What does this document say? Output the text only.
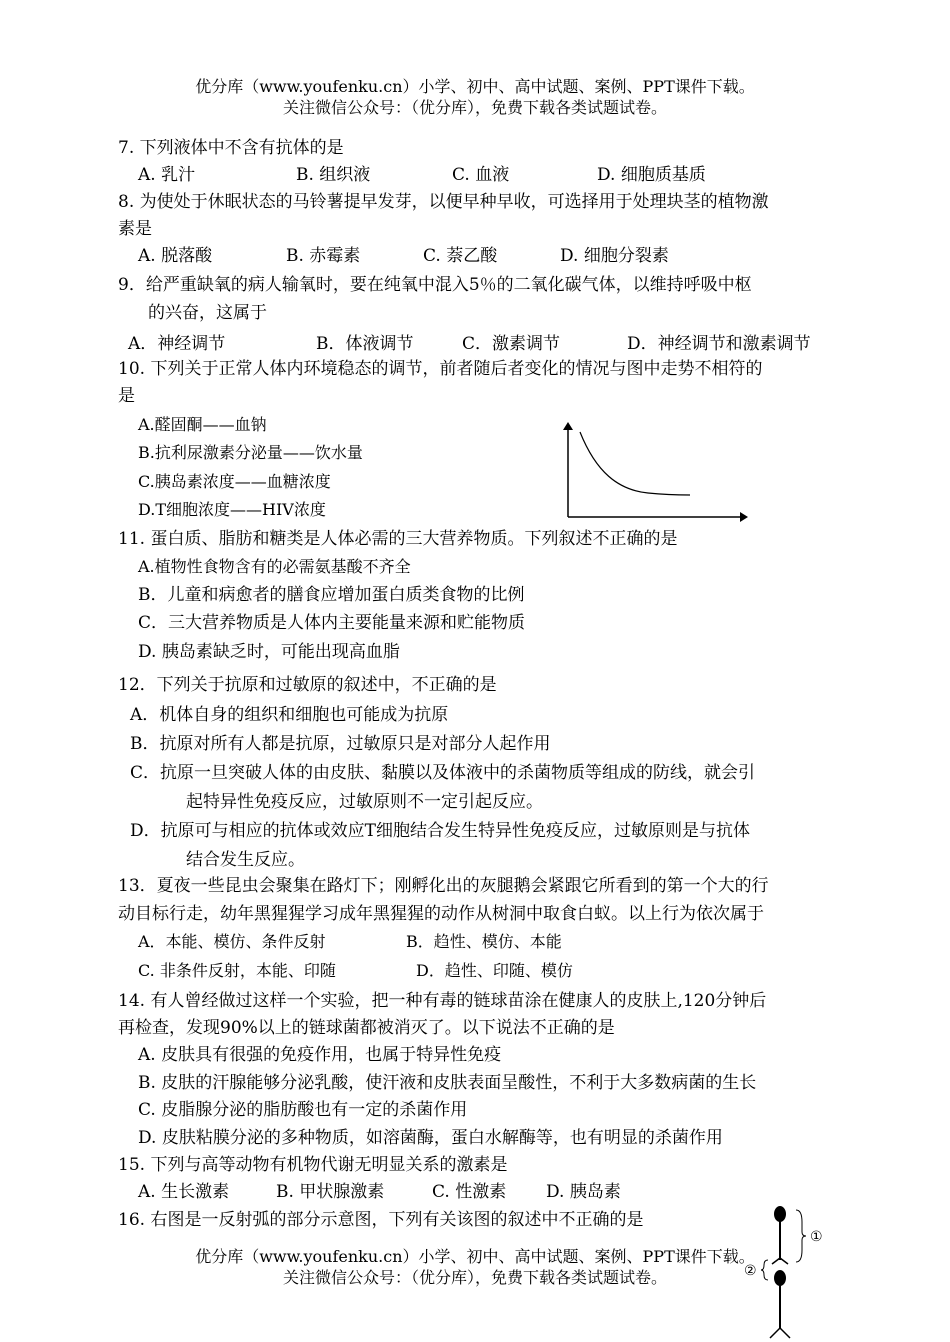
优分库（www.youfenku.cn）小学、初中、高中试题、案例、PPT课件下载。
关注微信公众号：（优分库），免费下载各类试题试卷。
7. 下列液体中不含有抗体的是
A. 乳汁	B. 组织液	C. 血液	D. 细胞质基质
8. 为使处于休眠状态的马铃薯提早发芽，以便早种早收，可选择用于处理块茎的植物激
素是
A. 脱落酸	B. 赤霉素	C. 萘乙酸	D. 细胞分裂素
9．给严重缺氧的病人输氧时，要在纯氧中混入5％的二氧化碳气体，以维持呼吸中枢
的兴奋，这属于
A．神经调节	B．体液调节	C．激素调节	D．神经调节和激素调节
10. 下列关于正常人体内环境稳态的调节，前者随后者变化的情况与图中走势不相符的
是
A.醛固酮——血钠
B.抗利尿激素分泌量——饮水量
C.胰岛素浓度——血糖浓度
D.T细胞浓度——HIV浓度
11. 蛋白质、脂肪和糖类是人体必需的三大营养物质。下列叙述不正确的是
A.植物性食物含有的必需氨基酸不齐全
B．儿童和病愈者的膳食应增加蛋白质类食物的比例
C．三大营养物质是人体内主要能量来源和贮能物质
D. 胰岛素缺乏时，可能出现高血脂
12．下列关于抗原和过敏原的叙述中，不正确的是
A．机体自身的组织和细胞也可能成为抗原
B．抗原对所有人都是抗原，过敏原只是对部分人起作用
C．抗原一旦突破人体的由皮肤、黏膜以及体液中的杀菌物质等组成的防线，就会引
起特异性免疫反应，过敏原则不一定引起反应。
D．抗原可与相应的抗体或效应T细胞结合发生特异性免疫反应，过敏原则是与抗体
结合发生反应。
13．夏夜一些昆虫会聚集在路灯下；刚孵化出的灰腿鹅会紧跟它所看到的第一个大的行
动目标行走，幼年黑猩猩学习成年黑猩猩的动作从树洞中取食白蚁。以上行为依次属于
A．本能、模仿、条件反射	B．趋性、模仿、本能
C. 非条件反射，本能、印随	D．趋性、印随、模仿
14. 有人曾经做过这样一个实验，把一种有毒的链球苗涂在健康人的皮肤上,120分钟后
再检查，发现90%以上的链球菌都被消灭了。以下说法不正确的是
A. 皮肤具有很强的免疫作用，也属于特异性免疫
B. 皮肤的汗腺能够分泌乳酸，使汗液和皮肤表面呈酸性，不利于大多数病菌的生长
C. 皮脂腺分泌的脂肪酸也有一定的杀菌作用
D. 皮肤粘膜分泌的多种物质，如溶菌酶，蛋白水解酶等，也有明显的杀菌作用
15. 下列与高等动物有机物代谢无明显关系的激素是
A. 生长激素	B. 甲状腺激素	C. 性激素 D. 胰岛素
16. 右图是一反射弧的部分示意图，下列有关该图的叙述中不正确的是
①
②
优分库（www.youfenku.cn）小学、初中、高中试题、案例、PPT课件下载。
关注微信公众号：（优分库），免费下载各类试题试卷。
